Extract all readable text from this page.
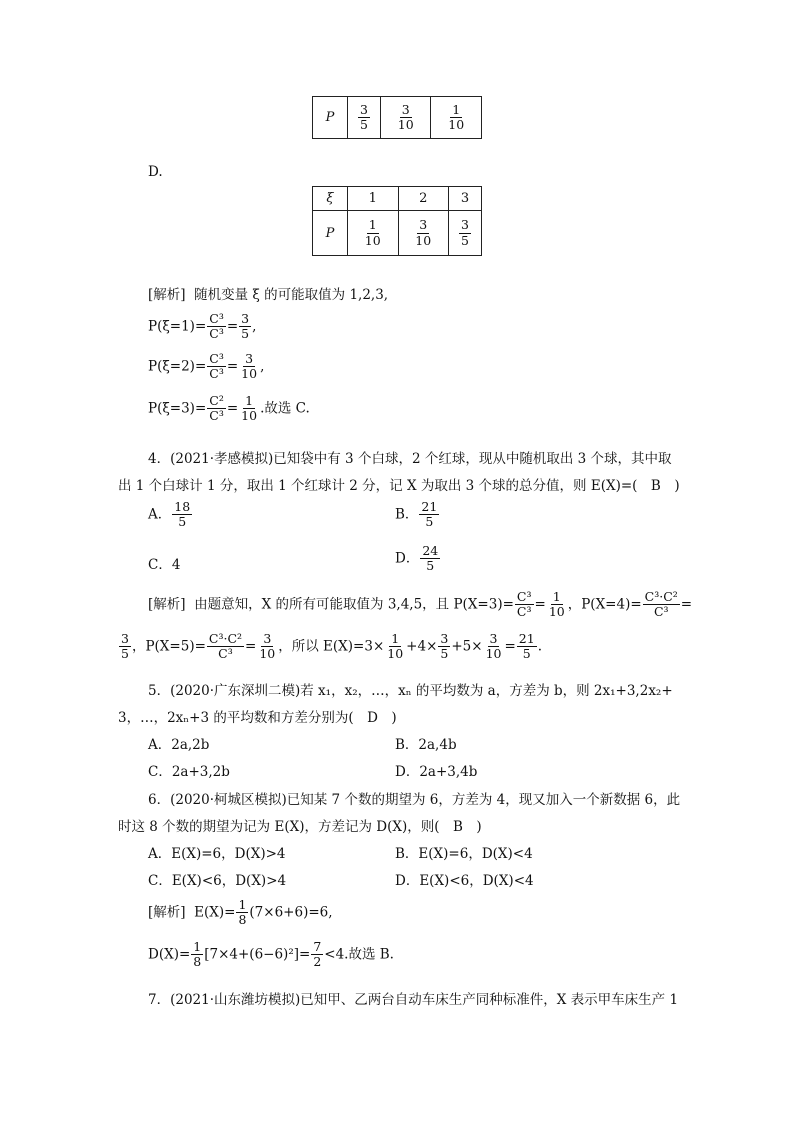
P	$\frac{3}{5}$	$\frac{3}{10}$	$\frac{1}{10}$
D.
ξ	1	2	3
P	$\frac{1}{10}$	$\frac{3}{10}$	$\frac{3}{5}$
[解析] 随机变量 ξ 的可能取值为 1,2,3,
$P(\xi=1)= \frac{\text{C³}}{\text{C³}} = \frac{3}{5}$ ,
$P(\xi=2)= \frac{\text{C³}}{\text{C³}} = \frac{3}{10}$ ,
$P(\xi=3)= \frac{\text{C²}}{\text{C³}} = \frac{1}{10}$ .故选 C.
4．(2021·孝感模拟)已知袋中有 3 个白球，2 个红球，现从中随机取出 3 个球，其中取
出 1 个白球计 1 分，取出 1 个红球计 2 分，记 X 为取出 3 个球的总分值，则 E(X)=(　B　)
A． $\frac{18}{5}$	B． $\frac{21}{5}$
C．4	D． $\frac{24}{5}$
[解析] 由题意知，X 的所有可能取值为 3,4,5，且 $P(X=3)= \frac{\text{C³}}{\text{C³}} = \frac{1}{10}$ ，$P(X=4)= \frac{\text{C³·C²}}{\text{C³}}$ =
$\frac{3}{5}$ ，$P(X=5)= \frac{\text{C³·C²}}{\text{C³}} = \frac{3}{10}$ ，所以 $E(X)=3\times \frac{1}{10} +4\times \frac{3}{5} +5\times \frac{3}{10} = \frac{21}{5}$ .
5．(2020·广东深圳二模)若 x₁，x₂，…，xₙ 的平均数为 a，方差为 b，则 2x₁+3,2x₂+
3，…，2xₙ+3 的平均数和方差分别为(　D　)
A．2a,2b	B．2a,4b
C．2a+3,2b	D．2a+3,4b
6．(2020·柯城区模拟)已知某 7 个数的期望为 6，方差为 4，现又加入一个新数据 6，此
时这 8 个数的期望为记为 E(X)，方差记为 D(X)，则(　B　)
A．E(X)=6，D(X)>4	B．E(X)=6，D(X)<4
C．E(X)<6，D(X)>4	D．E(X)<6，D(X)<4
[解析] $E(X)= \frac{1}{8} (7\times 6+6)=6$,
$D(X)= \frac{1}{8} [7\times 4+(6-6)^2]= \frac{7}{2} <4$.故选 B.
7．(2021·山东潍坊模拟)已知甲、乙两台自动车床生产同种标准件，X 表示甲车床生产 1
